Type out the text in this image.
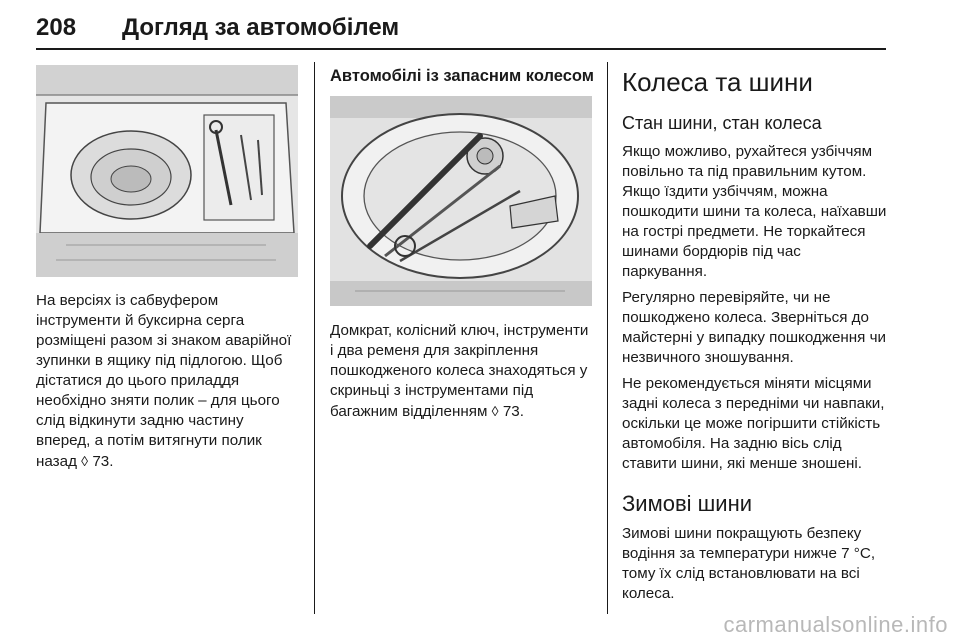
208 Догляд за автомобілем

На версіях із сабвуфером інструменти й буксирна серга розміщені разом зі знаком аварійної зупинки в ящику під підлогою. Щоб дістатися до цього приладдя необхідно зняти полик – для цього слід відкинути задню частину вперед, а потім витягнути полик назад ◊ 73.

Автомобілі із запасним колесом

Домкрат, колісний ключ, інструменти і два ременя для закріплення пошкодженого колеса знаходяться у скриньці з інструментами під багажним відділенням ◊ 73.

Колеса та шини
Стан шини, стан колеса

Якщо можливо, рухайтеся узбіччям повільно та під правильним кутом. Якщо їздити узбіччям, можна пошкодити шини та колеса, наїхавши на гострі предмети. Не торкайтеся шинами бордюрів під час паркування.

Регулярно перевіряйте, чи не пошкоджено колеса. Зверніться до майстерні у випадку пошкодження чи незвичного зношування.

Не рекомендується міняти місцями задні колеса з передніми чи навпаки, оскільки це може погіршити стійкість автомобіля. На задню вісь слід ставити шини, які менше зношені.

Зимові шини

Зимові шини покращують безпеку водіння за температури нижче 7 °C, тому їх слід встановлювати на всі колеса.

carmanualsonline.info
